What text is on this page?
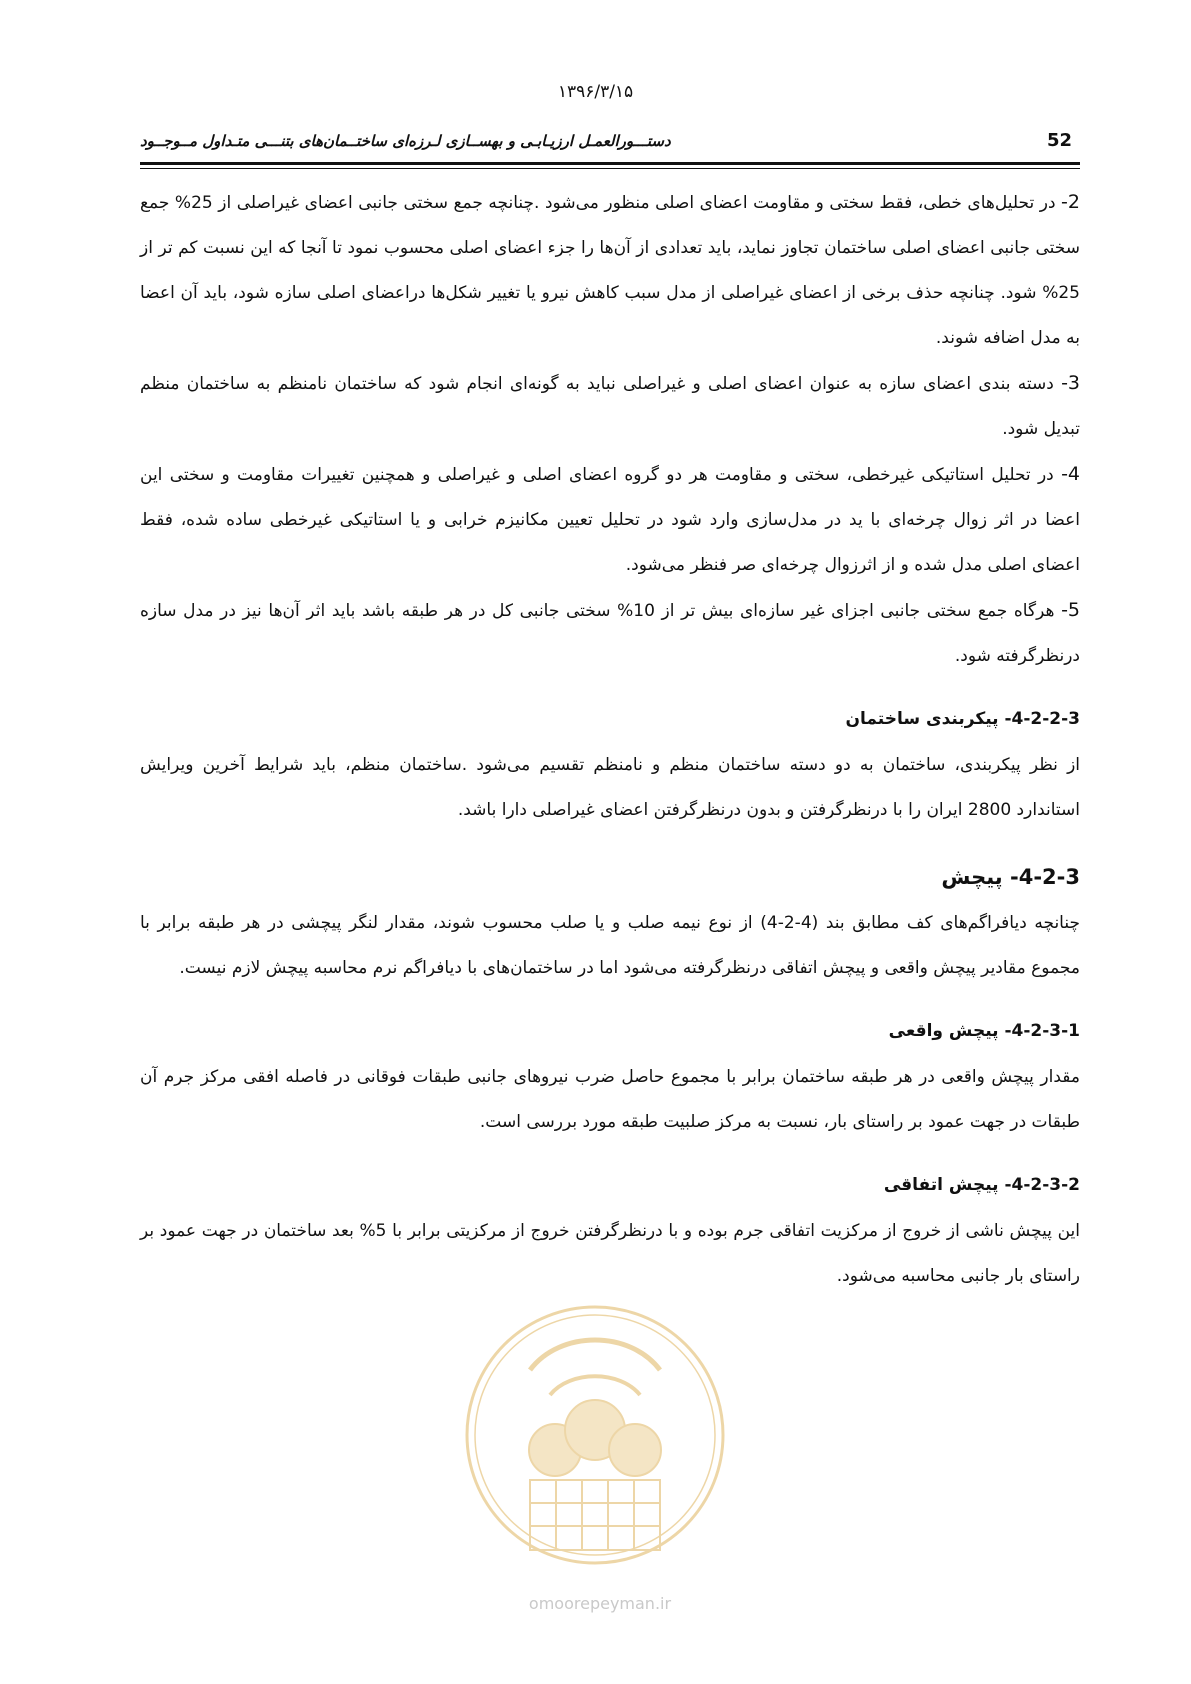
۱۳۹۶/۳/۱۵
52
دستـــورالعمـل ارزیـابـی و بهســازی لـرزه‌ای ساختــمان‌های بتنـــی متـداول مــوجــود

2- در تحلیل‌های خطی، فقط سختی و مقاومت اعضای اصلی منظور می‌شود .چنانچه جمع سختی جانبی اعضای غیراصلی از 25% جمع سختی جانبی اعضای اصلی ساختمان تجاوز نماید، باید تعدادی از آن‌ها را جزء اعضای اصلی محسوب نمود تا آنجا که این نسبت کم تر از 25% شود. چنانچه حذف برخی از اعضای غیراصلی از مدل سبب کاهش نیرو یا تغییر شکل‌ها دراعضای اصلی سازه شود، باید آن اعضا به مدل اضافه شوند.

3- دسته بندی اعضای سازه به عنوان اعضای اصلی و غیراصلی نباید به گونه‌ای انجام شود که ساختمان نامنظم به ساختمان منظم تبدیل شود.

4- در تحلیل استاتیکی غیرخطی، سختی و مقاومت هر دو گروه اعضای اصلی و غیراصلی و همچنین تغییرات مقاومت و سختی این اعضا در اثر زوال چرخه‌ای با ید در مدل‌سازی وارد شود در تحلیل تعیین مکانیزم خرابی و یا استاتیکی غیرخطی ساده شده، فقط اعضای اصلی مدل شده و از اثرزوال چرخه‌ای صر فنظر می‌شود.

5- هرگاه جمع سختی جانبی اجزای غیر سازه‌ای بیش تر از 10% سختی جانبی کل در هر طبقه باشد باید اثر آن‌ها نیز در مدل سازه درنظرگرفته شود.

4-2-2-3- پیکربندی ساختمان

از نظر پیکربندی، ساختمان به دو دسته ساختمان منظم و نامنظم تقسیم می‌شود .ساختمان منظم، باید شرایط آخرین ویرایش استاندارد 2800 ایران را با درنظرگرفتن و بدون درنظرگرفتن اعضای غیراصلی دارا باشد.

4-2-3- پیچش

چنانچه دیافراگم‌های کف مطابق بند (4-2-4) از نوع نیمه صلب و یا صلب محسوب شوند، مقدار لنگر پیچشی در هر طبقه برابر با مجموع مقادیر پیچش واقعی و پیچش اتفاقی درنظرگرفته می‌شود اما در ساختمان‌های با دیافراگم نرم محاسبه پیچش لازم نیست.

4-2-3-1- پیچش واقعی

مقدار پیچش واقعی در هر طبقه ساختمان برابر با مجموع حاصل ضرب نیروهای جانبی طبقات فوقانی در فاصله افقی مرکز جرم آن طبقات در جهت عمود بر راستای بار، نسبت به مرکز صلبیت طبقه مورد بررسی است.

4-2-3-2- پیچش اتفاقی

این پیچش ناشی از خروج از مرکزیت اتفاقی جرم بوده و با درنظرگرفتن خروج از مرکزیتی برابر با 5% بعد ساختمان در جهت عمود بر راستای بار جانبی محاسبه می‌شود.

omoorepeyman.ir
